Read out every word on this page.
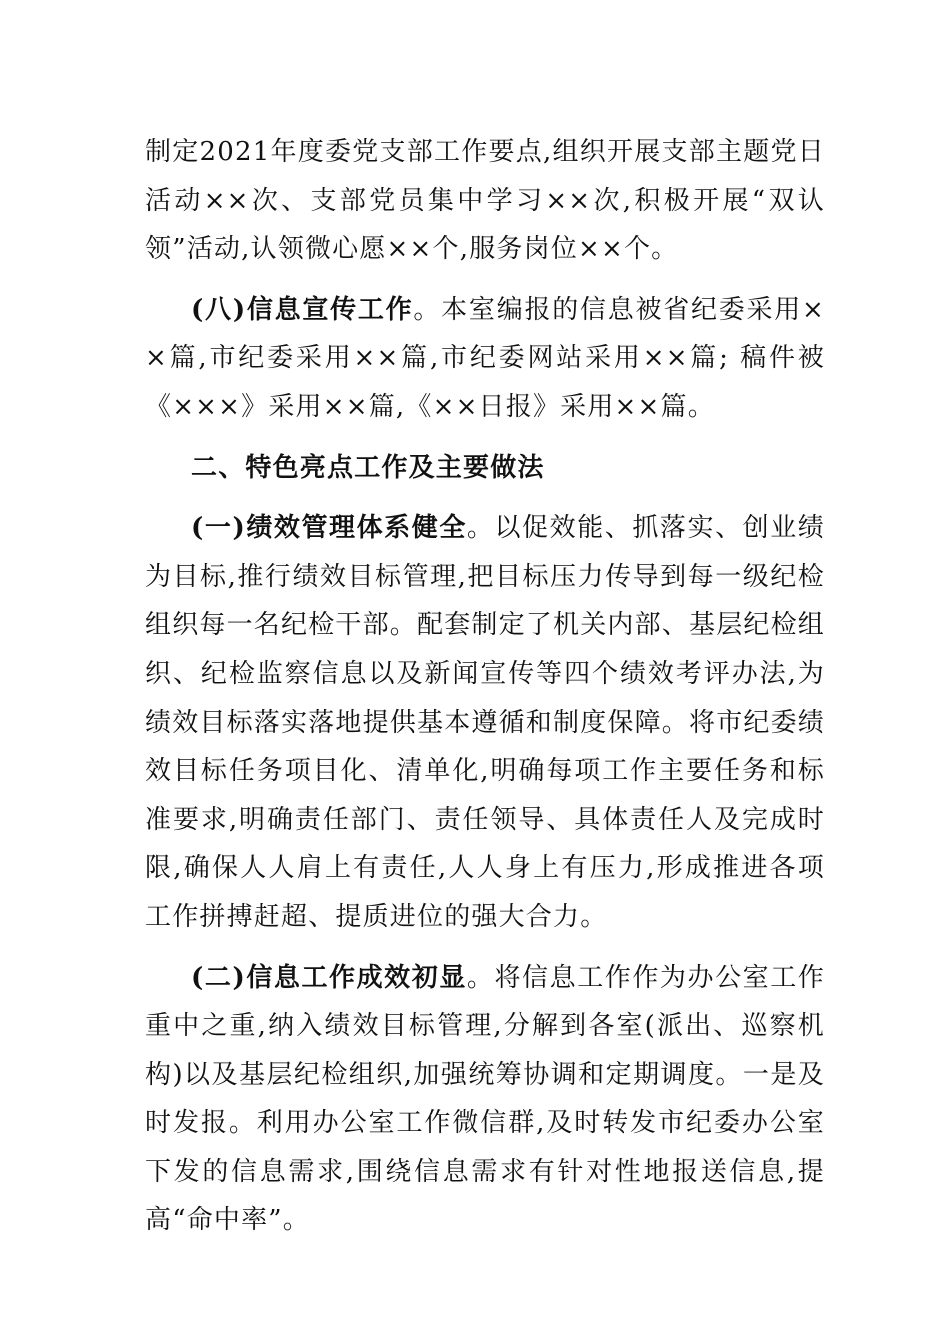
制定2021年度委党支部工作要点,组织开展支部主题党日活动××次、支部党员集中学习××次,积极开展“双认领”活动,认领微心愿××个,服务岗位××个。

(八)信息宣传工作。本室编报的信息被省纪委采用××篇,市纪委采用××篇,市纪委网站采用××篇; 稿件被《×××》采用××篇,《××日报》采用××篇。

二、特色亮点工作及主要做法

(一)绩效管理体系健全。以促效能、抓落实、创业绩为目标,推行绩效目标管理,把目标压力传导到每一级纪检组织每一名纪检干部。配套制定了机关内部、基层纪检组织、纪检监察信息以及新闻宣传等四个绩效考评办法,为绩效目标落实落地提供基本遵循和制度保障。将市纪委绩效目标任务项目化、清单化,明确每项工作主要任务和标准要求,明确责任部门、责任领导、具体责任人及完成时限,确保人人肩上有责任,人人身上有压力,形成推进各项工作拼搏赶超、提质进位的强大合力。

(二)信息工作成效初显。将信息工作作为办公室工作重中之重,纳入绩效目标管理,分解到各室(派出、巡察机构)以及基层纪检组织,加强统筹协调和定期调度。一是及时发报。利用办公室工作微信群,及时转发市纪委办公室下发的信息需求,围绕信息需求有针对性地报送信息,提高“命中率”。
